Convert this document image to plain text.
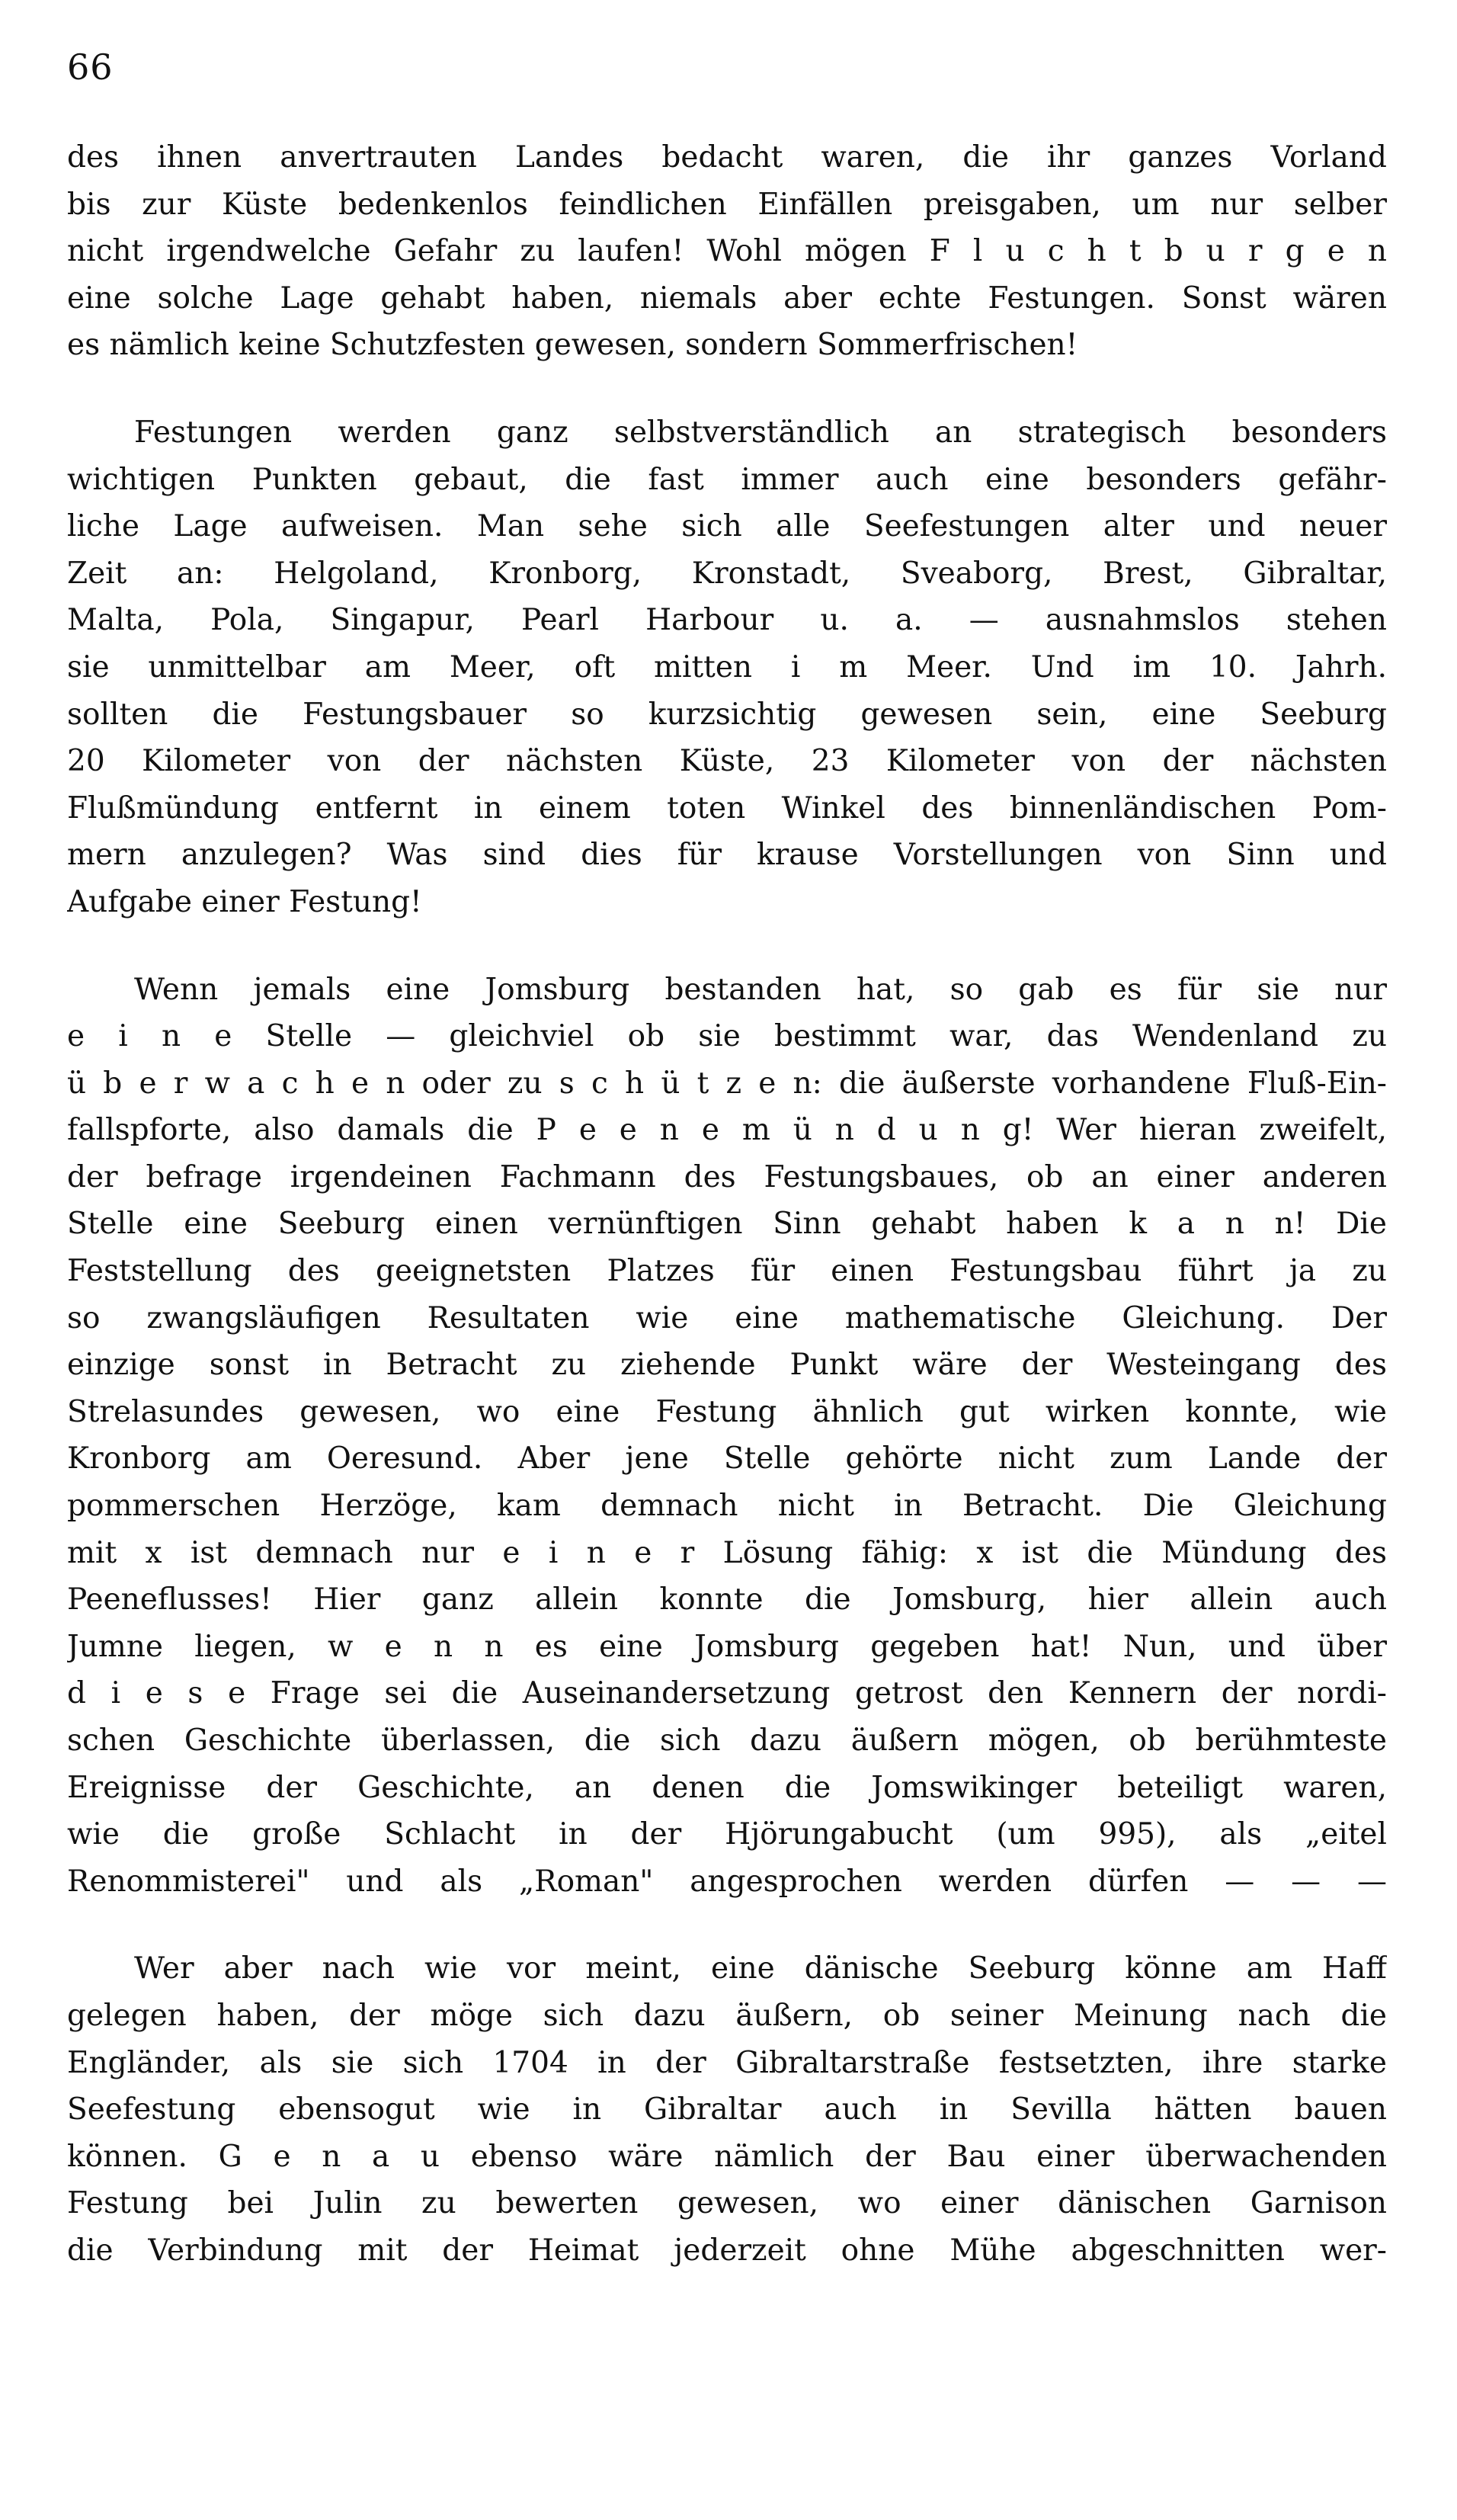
66
des ihnen anvertrauten Landes bedacht waren, die ihr ganzes Vorland
bis zur Küste bedenkenlos feindlichen Einfällen preisgaben, um nur selber
nicht irgendwelche Gefahr zu laufen! Wohl mögen F l u c h t b u r g e n
eine solche Lage gehabt haben, niemals aber echte Festungen. Sonst wären
es nämlich keine Schutzfesten gewesen, sondern Sommerfrischen!
Festungen werden ganz selbstverständlich an strategisch besonders
wichtigen Punkten gebaut, die fast immer auch eine besonders gefähr-
liche Lage aufweisen. Man sehe sich alle Seefestungen alter und neuer
Zeit an: Helgoland, Kronborg, Kronstadt, Sveaborg, Brest, Gibraltar,
Malta, Pola, Singapur, Pearl Harbour u. a. — ausnahmslos stehen
sie unmittelbar am Meer, oft mitten i m Meer. Und im 10. Jahrh.
sollten die Festungsbauer so kurzsichtig gewesen sein, eine Seeburg
20 Kilometer von der nächsten Küste, 23 Kilometer von der nächsten
Flußmündung entfernt in einem toten Winkel des binnenländischen Pom-
mern anzulegen? Was sind dies für krause Vorstellungen von Sinn und
Aufgabe einer Festung!
Wenn jemals eine Jomsburg bestanden hat, so gab es für sie nur
e i n e Stelle — gleichviel ob sie bestimmt war, das Wendenland zu
ü b e r w a c h e n oder zu s c h ü t z e n: die äußerste vorhandene Fluß-Ein-
fallspforte, also damals die P e e n e m ü n d u n g! Wer hieran zweifelt,
der befrage irgendeinen Fachmann des Festungsbaues, ob an einer anderen
Stelle eine Seeburg einen vernünftigen Sinn gehabt haben k a n n! Die
Feststellung des geeignetsten Platzes für einen Festungsbau führt ja zu
so zwangsläufigen Resultaten wie eine mathematische Gleichung. Der
einzige sonst in Betracht zu ziehende Punkt wäre der Westeingang des
Strelasundes gewesen, wo eine Festung ähnlich gut wirken konnte, wie
Kronborg am Oeresund. Aber jene Stelle gehörte nicht zum Lande der
pommerschen Herzöge, kam demnach nicht in Betracht. Die Gleichung
mit x ist demnach nur e i n e r Lösung fähig: x ist die Mündung des
Peeneflusses! Hier ganz allein konnte die Jomsburg, hier allein auch
Jumne liegen, w e n n es eine Jomsburg gegeben hat! Nun, und über
d i e s e Frage sei die Auseinandersetzung getrost den Kennern der nordi-
schen Geschichte überlassen, die sich dazu äußern mögen, ob berühmteste
Ereignisse der Geschichte, an denen die Jomswikinger beteiligt waren,
wie die große Schlacht in der Hjörungabucht (um 995), als „eitel
Renommisterei" und als „Roman" angesprochen werden dürfen — — —
Wer aber nach wie vor meint, eine dänische Seeburg könne am Haff
gelegen haben, der möge sich dazu äußern, ob seiner Meinung nach die
Engländer, als sie sich 1704 in der Gibraltarstraße festsetzten, ihre starke
Seefestung ebensogut wie in Gibraltar auch in Sevilla hätten bauen
können. G e n a u ebenso wäre nämlich der Bau einer überwachenden
Festung bei Julin zu bewerten gewesen, wo einer dänischen Garnison
die Verbindung mit der Heimat jederzeit ohne Mühe abgeschnitten wer-
